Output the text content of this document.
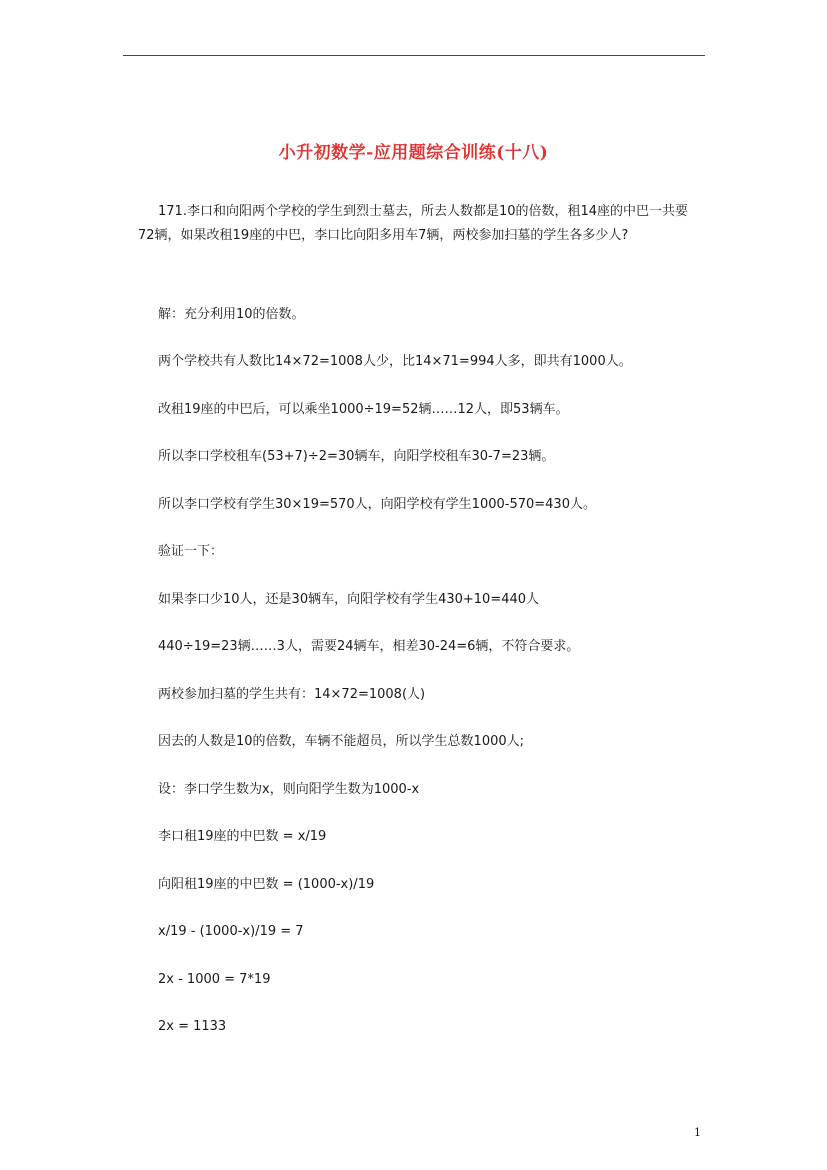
小升初数学-应用题综合训练(十八)
171.李口和向阳两个学校的学生到烈士墓去，所去人数都是10的倍数，租14座的中巴一共要72辆，如果改租19座的中巴，李口比向阳多用车7辆，两校参加扫墓的学生各多少人?
解：充分利用10的倍数。
两个学校共有人数比14×72=1008人少，比14×71=994人多，即共有1000人。
改租19座的中巴后，可以乘坐1000÷19=52辆……12人，即53辆车。
所以李口学校租车(53+7)÷2=30辆车，向阳学校租车30-7=23辆。
所以李口学校有学生30×19=570人，向阳学校有学生1000-570=430人。
验证一下：
如果李口少10人，还是30辆车，向阳学校有学生430+10=440人
440÷19=23辆……3人，需要24辆车，相差30-24=6辆，不符合要求。
两校参加扫墓的学生共有：14×72=1008(人)
因去的人数是10的倍数，车辆不能超员，所以学生总数1000人;
设：李口学生数为x，则向阳学生数为1000-x
李口租19座的中巴数 = x/19
向阳租19座的中巴数 = (1000-x)/19
x/19 - (1000-x)/19 = 7
2x - 1000 = 7*19
2x = 1133
1
